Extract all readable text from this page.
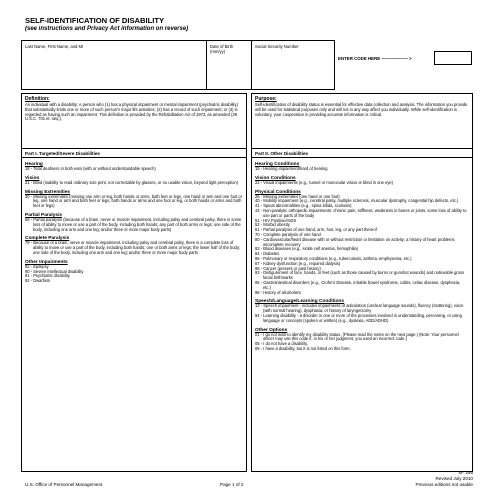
SELF-IDENTIFICATION OF DISABILITY
(see instructions and Privacy Act information on reverse)
Last Name, First Name, and MI	Date of Birth (mm/yy)
Social Security Number
ENTER CODE HERE —————— >
Definition:
An individual with a disability: A person who (1) has a physical impairment or mental impairment (psychiatric disability) that substantially limits one or more of such person's major life activities; (2) has a record of such impairment; or (3) is regarded as having such an impairment. This definition is provided by the Rehabilitation Act of 1973, as amended (29 U.S.C. 701 et. seq.).
Purpose:
Self-identification of disability status is essential for effective data collection and analysis. The information you provide will be used for statistical purposes only and will not in any way affect you individually. While self-identification is voluntary, your cooperation in providing accurate information is critical.
Part I. Targeted/Severe Disabilities
Hearing
18 - Total deafness in both ears (with or without understandable speech)
Vision
21 - Blind (inability to read ordinary size print, not correctable by glasses, or no usable vision, beyond light perception)
Missing Extremities
30 - Missing extremities (missing one arm or leg, both hands or arms, both feet or legs, one hand or arm and one foot or leg, one hand or arm and both feet or legs, both hands or arms and one foot or leg, or both hands or arms and both feet or legs)
Partial Paralysis
69 - Partial paralysis (because of a brain, nerve or muscle impairment, including palsy and cerebral palsy, there is some loss of ability to move or use a part of the body, including both hands; any part of both arms or legs; one side of the body, including one arm and one leg; and/or three or more major body parts)
Complete Paralysis
79 - Because of a brain, nerve or muscle impairment, including palsy and cerebral palsy, there is a complete loss of ability to move or use a part of the body, including both hands; one or both arms or legs; the lower half of the body; one side of the body, including one arm and one leg; and/or three or more major body parts
Other Impairments
82 - Epilepsy
90 - Severe intellectual disability
91 - Psychiatric disability
92 - Dwarfism
Part II. Other Disabilities
Hearing Conditions
15 - Hearing impairment/hard of hearing
Vision Conditions
22 - Visual impairments (e.g., tunnel or monocular vision or blind in one eye)
Physical Conditions
26 - Missing extremities (one hand or one foot)
40 - Mobility impairment (e.g., cerebral palsy, multiple sclerosis, muscular dystrophy, congenital hip defects, etc.)
41 - Spinal abnormalities (e.g., spina bifida, scoliosis)
44 - Non-paralytic orthopedic impairments: chronic pain, stiffness, weakness in bones or joints, some loss of ability to use part or parts of the body
51 - HIV Positive/AIDS
52 - Morbid obesity
61 - Partial paralysis of one hand, arm, foot, leg, or any part thereof
70 - Complete paralysis of one hand
80 - Cardiovascular/heart disease with or without restriction or limitation on activity; a history of heart problems w/complete recovery
83 - Blood diseases (e.g., sickle cell anemia, hemophilia)
84 - Diabetes
86 - Pulmonary or respiratory conditions (e.g., tuberculosis, asthma, emphysema, etc.)
87 - Kidney dysfunction (e.g., required dialysis)
88 - Cancer (present or past history)
93 - Disfigurement of face, hands, or feet (such as those caused by burns or gunshot wounds) and noticeable gross facial birthmarks
95 - Gastrointestinal disorders (e.g., Crohn's Disease, irritable bowel syndrome, colitis, celiac disease, dysphexia, etc.)
98 - History of alcoholism
Speech/Language/Learning Conditions
13 - Speech impairment - includes impairments of articulation (unclear language sounds), fluency (stuttering), voice (with normal hearing), dysphasia, or history of laryngectomy
94 - Learning disability - a disorder in one or more of the processes involved in understanding, perceiving, or using language or concepts (spoken or written) (e.g., dyslexia, ADD/ADHD)
Other Options
01 - I do not wish to identify my disability status. (Please read the notes on the next page.) (Note: Your personnel officer may use this code if, in his or her judgment, you used an incorrect code.)
05 - I do not have a disability.
06 - I have a disability, but it is not listed on this form.
U.S. Office of Personnel Management	Page 1 of 2
SF 256
Revised July 2010
Previous editions not usable
